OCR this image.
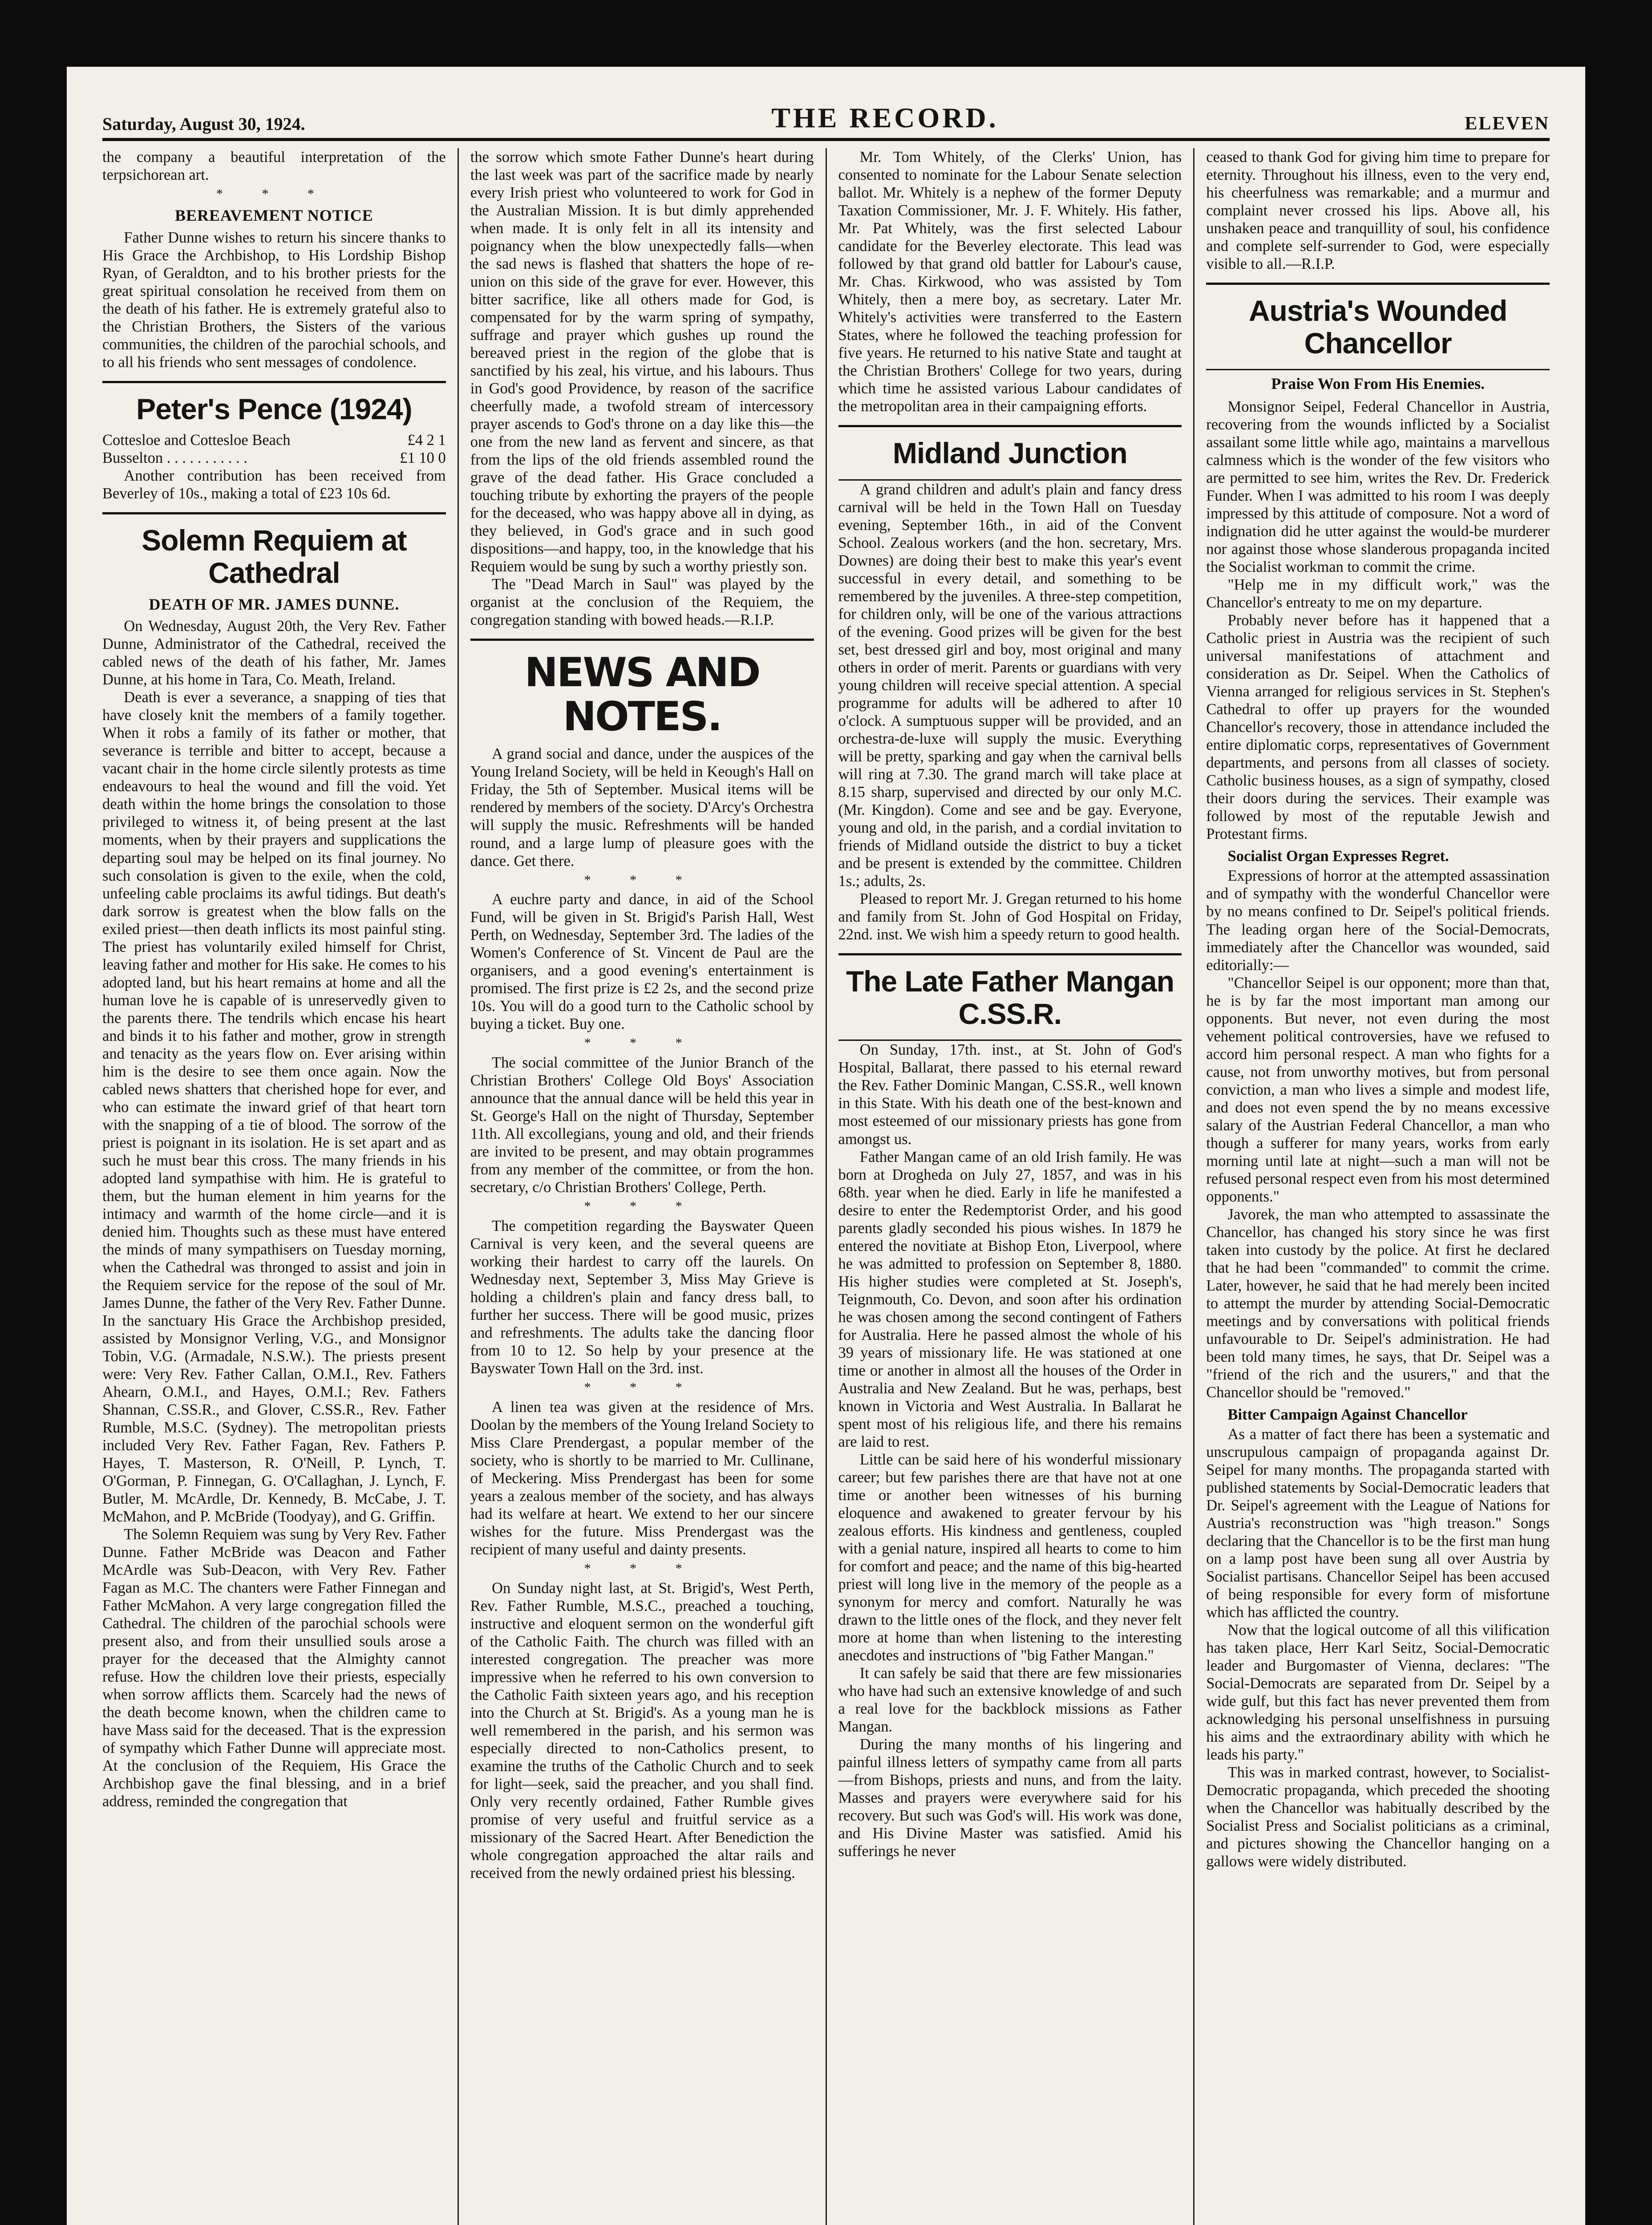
Saturday, August 30, 1924.	THE RECORD.	ELEVEN

the company a beautiful interpretation of the terpsichorean art.

* * *
BEREAVEMENT NOTICE

Father Dunne wishes to return his sincere thanks to His Grace the Archbishop, to His Lordship Bishop Ryan, of Geraldton, and to his brother priests for the great spiritual consolation he received from them on the death of his father. He is extremely grateful also to the Christian Brothers, the Sisters of the various communities, the children of the parochial schools, and to all his friends who sent messages of condolence.

Peter's Pence (1924)
Cottesloe and Cottesloe Beach	£4 2 1
Busselton . . . . . . . . . . .	£1 10 0

Another contribution has been received from Beverley of 10s., making a total of £23 10s 6d.

Solemn Requiem at Cathedral
DEATH OF MR. JAMES DUNNE.

On Wednesday, August 20th, the Very Rev. Father Dunne, Administrator of the Cathedral, received the cabled news of the death of his father, Mr. James Dunne, at his home in Tara, Co. Meath, Ireland.

Death is ever a severance, a snapping of ties that have closely knit the members of a family together. When it robs a family of its father or mother, that severance is terrible and bitter to accept, because a vacant chair in the home circle silently protests as time endeavours to heal the wound and fill the void. Yet death within the home brings the consolation to those privileged to witness it, of being present at the last moments, when by their prayers and supplications the departing soul may be helped on its final journey. No such consolation is given to the exile, when the cold, unfeeling cable proclaims its awful tidings. But death's dark sorrow is greatest when the blow falls on the exiled priest—then death inflicts its most painful sting. The priest has voluntarily exiled himself for Christ, leaving father and mother for His sake. He comes to his adopted land, but his heart remains at home and all the human love he is capable of is unreservedly given to the parents there. The tendrils which encase his heart and binds it to his father and mother, grow in strength and tenacity as the years flow on. Ever arising within him is the desire to see them once again. Now the cabled news shatters that cherished hope for ever, and who can estimate the inward grief of that heart torn with the snapping of a tie of blood. The sorrow of the priest is poignant in its isolation. He is set apart and as such he must bear this cross. The many friends in his adopted land sympathise with him. He is grateful to them, but the human element in him yearns for the intimacy and warmth of the home circle—and it is denied him. Thoughts such as these must have entered the minds of many sympathisers on Tuesday morning, when the Cathedral was thronged to assist and join in the Requiem service for the repose of the soul of Mr. James Dunne, the father of the Very Rev. Father Dunne. In the sanctuary His Grace the Archbishop presided, assisted by Monsignor Verling, V.G., and Monsignor Tobin, V.G. (Armadale, N.S.W.). The priests present were: Very Rev. Father Callan, O.M.I., Rev. Fathers Ahearn, O.M.I., and Hayes, O.M.I.; Rev. Fathers Shannan, C.SS.R., and Glover, C.SS.R., Rev. Father Rumble, M.S.C. (Sydney). The metropolitan priests included Very Rev. Father Fagan, Rev. Fathers P. Hayes, T. Masterson, R. O'Neill, P. Lynch, T. O'Gorman, P. Finnegan, G. O'Callaghan, J. Lynch, F. Butler, M. McArdle, Dr. Kennedy, B. McCabe, J. T. McMahon, and P. McBride (Toodyay), and G. Griffin.

The Solemn Requiem was sung by Very Rev. Father Dunne. Father McBride was Deacon and Father McArdle was Sub-Deacon, with Very Rev. Father Fagan as M.C. The chanters were Father Finnegan and Father McMahon. A very large congregation filled the Cathedral. The children of the parochial schools were present also, and from their unsullied souls arose a prayer for the deceased that the Almighty cannot refuse. How the children love their priests, especially when sorrow afflicts them. Scarcely had the news of the death become known, when the children came to have Mass said for the deceased. That is the expression of sympathy which Father Dunne will appreciate most. At the conclusion of the Requiem, His Grace the Archbishop gave the final blessing, and in a brief address, reminded the congregation that

the sorrow which smote Father Dunne's heart during the last week was part of the sacrifice made by nearly every Irish priest who volunteered to work for God in the Australian Mission. It is but dimly apprehended when made. It is only felt in all its intensity and poignancy when the blow unexpectedly falls—when the sad news is flashed that shatters the hope of re-union on this side of the grave for ever. However, this bitter sacrifice, like all others made for God, is compensated for by the warm spring of sympathy, suffrage and prayer which gushes up round the bereaved priest in the region of the globe that is sanctified by his zeal, his virtue, and his labours. Thus in God's good Providence, by reason of the sacrifice cheerfully made, a twofold stream of intercessory prayer ascends to God's throne on a day like this—the one from the new land as fervent and sincere, as that from the lips of the old friends assembled round the grave of the dead father. His Grace concluded a touching tribute by exhorting the prayers of the people for the deceased, who was happy above all in dying, as they believed, in God's grace and in such good dispositions—and happy, too, in the knowledge that his Requiem would be sung by such a worthy priestly son.

The "Dead March in Saul" was played by the organist at the conclusion of the Requiem, the congregation standing with bowed heads.—R.I.P.

NEWS AND NOTES.

A grand social and dance, under the auspices of the Young Ireland Society, will be held in Keough's Hall on Friday, the 5th of September. Musical items will be rendered by members of the society. D'Arcy's Orchestra will supply the music. Refreshments will be handed round, and a large lump of pleasure goes with the dance. Get there.

* * *

A euchre party and dance, in aid of the School Fund, will be given in St. Brigid's Parish Hall, West Perth, on Wednesday, September 3rd. The ladies of the Women's Conference of St. Vincent de Paul are the organisers, and a good evening's entertainment is promised. The first prize is £2 2s, and the second prize 10s. You will do a good turn to the Catholic school by buying a ticket. Buy one.

* * *

The social committee of the Junior Branch of the Christian Brothers' College Old Boys' Association announce that the annual dance will be held this year in St. George's Hall on the night of Thursday, September 11th. All excollegians, young and old, and their friends are invited to be present, and may obtain programmes from any member of the committee, or from the hon. secretary, c/o Christian Brothers' College, Perth.

* * *

The competition regarding the Bayswater Queen Carnival is very keen, and the several queens are working their hardest to carry off the laurels. On Wednesday next, September 3, Miss May Grieve is holding a children's plain and fancy dress ball, to further her success. There will be good music, prizes and refreshments. The adults take the dancing floor from 10 to 12. So help by your presence at the Bayswater Town Hall on the 3rd. inst.

* * *

A linen tea was given at the residence of Mrs. Doolan by the members of the Young Ireland Society to Miss Clare Prendergast, a popular member of the society, who is shortly to be married to Mr. Cullinane, of Meckering. Miss Prendergast has been for some years a zealous member of the society, and has always had its welfare at heart. We extend to her our sincere wishes for the future. Miss Prendergast was the recipient of many useful and dainty presents.

* * *

On Sunday night last, at St. Brigid's, West Perth, Rev. Father Rumble, M.S.C., preached a touching, instructive and eloquent sermon on the wonderful gift of the Catholic Faith. The church was filled with an interested congregation. The preacher was more impressive when he referred to his own conversion to the Catholic Faith sixteen years ago, and his reception into the Church at St. Brigid's. As a young man he is well remembered in the parish, and his sermon was especially directed to non-Catholics present, to examine the truths of the Catholic Church and to seek for light—seek, said the preacher, and you shall find. Only very recently ordained, Father Rumble gives promise of very useful and fruitful service as a missionary of the Sacred Heart. After Benediction the whole congregation approached the altar rails and received from the newly ordained priest his blessing.

Mr. Tom Whitely, of the Clerks' Union, has consented to nominate for the Labour Senate selection ballot. Mr. Whitely is a nephew of the former Deputy Taxation Commissioner, Mr. J. F. Whitely. His father, Mr. Pat Whitely, was the first selected Labour candidate for the Beverley electorate. This lead was followed by that grand old battler for Labour's cause, Mr. Chas. Kirkwood, who was assisted by Tom Whitely, then a mere boy, as secretary. Later Mr. Whitely's activities were transferred to the Eastern States, where he followed the teaching profession for five years. He returned to his native State and taught at the Christian Brothers' College for two years, during which time he assisted various Labour candidates of the metropolitan area in their campaigning efforts.

Midland Junction

A grand children and adult's plain and fancy dress carnival will be held in the Town Hall on Tuesday evening, September 16th., in aid of the Convent School. Zealous workers (and the hon. secretary, Mrs. Downes) are doing their best to make this year's event successful in every detail, and something to be remembered by the juveniles. A three-step competition, for children only, will be one of the various attractions of the evening. Good prizes will be given for the best set, best dressed girl and boy, most original and many others in order of merit. Parents or guardians with very young children will receive special attention. A special programme for adults will be adhered to after 10 o'clock. A sumptuous supper will be provided, and an orchestra-de-luxe will supply the music. Everything will be pretty, sparking and gay when the carnival bells will ring at 7.30. The grand march will take place at 8.15 sharp, supervised and directed by our only M.C. (Mr. Kingdon). Come and see and be gay. Everyone, young and old, in the parish, and a cordial invitation to friends of Midland outside the district to buy a ticket and be present is extended by the committee. Children 1s.; adults, 2s.

Pleased to report Mr. J. Gregan returned to his home and family from St. John of God Hospital on Friday, 22nd. inst. We wish him a speedy return to good health.

The Late Father Mangan C.SS.R.

On Sunday, 17th. inst., at St. John of God's Hospital, Ballarat, there passed to his eternal reward the Rev. Father Dominic Mangan, C.SS.R., well known in this State. With his death one of the best-known and most esteemed of our missionary priests has gone from amongst us.

Father Mangan came of an old Irish family. He was born at Drogheda on July 27, 1857, and was in his 68th. year when he died. Early in life he manifested a desire to enter the Redemptorist Order, and his good parents gladly seconded his pious wishes. In 1879 he entered the novitiate at Bishop Eton, Liverpool, where he was admitted to profession on September 8, 1880. His higher studies were completed at St. Joseph's, Teignmouth, Co. Devon, and soon after his ordination he was chosen among the second contingent of Fathers for Australia. Here he passed almost the whole of his 39 years of missionary life. He was stationed at one time or another in almost all the houses of the Order in Australia and New Zealand. But he was, perhaps, best known in Victoria and West Australia. In Ballarat he spent most of his religious life, and there his remains are laid to rest.

Little can be said here of his wonderful missionary career; but few parishes there are that have not at one time or another been witnesses of his burning eloquence and awakened to greater fervour by his zealous efforts. His kindness and gentleness, coupled with a genial nature, inspired all hearts to come to him for comfort and peace; and the name of this big-hearted priest will long live in the memory of the people as a synonym for mercy and comfort. Naturally he was drawn to the little ones of the flock, and they never felt more at home than when listening to the interesting anecdotes and instructions of "big Father Mangan."

It can safely be said that there are few missionaries who have had such an extensive knowledge of and such a real love for the backblock missions as Father Mangan.

During the many months of his lingering and painful illness letters of sympathy came from all parts—from Bishops, priests and nuns, and from the laity. Masses and prayers were everywhere said for his recovery. But such was God's will. His work was done, and His Divine Master was satisfied. Amid his sufferings he never

ceased to thank God for giving him time to prepare for eternity. Throughout his illness, even to the very end, his cheerfulness was remarkable; and a murmur and complaint never crossed his lips. Above all, his unshaken peace and tranquillity of soul, his confidence and complete self-surrender to God, were especially visible to all.—R.I.P.

Austria's Wounded Chancellor
Praise Won From His Enemies.

Monsignor Seipel, Federal Chancellor in Austria, recovering from the wounds inflicted by a Socialist assailant some little while ago, maintains a marvellous calmness which is the wonder of the few visitors who are permitted to see him, writes the Rev. Dr. Frederick Funder. When I was admitted to his room I was deeply impressed by this attitude of composure. Not a word of indignation did he utter against the would-be murderer nor against those whose slanderous propaganda incited the Socialist workman to commit the crime.

"Help me in my difficult work," was the Chancellor's entreaty to me on my departure.

Probably never before has it happened that a Catholic priest in Austria was the recipient of such universal manifestations of attachment and consideration as Dr. Seipel. When the Catholics of Vienna arranged for religious services in St. Stephen's Cathedral to offer up prayers for the wounded Chancellor's recovery, those in attendance included the entire diplomatic corps, representatives of Government departments, and persons from all classes of society. Catholic business houses, as a sign of sympathy, closed their doors during the services. Their example was followed by most of the reputable Jewish and Protestant firms.

Socialist Organ Expresses Regret.

Expressions of horror at the attempted assassination and of sympathy with the wonderful Chancellor were by no means confined to Dr. Seipel's political friends. The leading organ here of the Social-Democrats, immediately after the Chancellor was wounded, said editorially:—

"Chancellor Seipel is our opponent; more than that, he is by far the most important man among our opponents. But never, not even during the most vehement political controversies, have we refused to accord him personal respect. A man who fights for a cause, not from unworthy motives, but from personal conviction, a man who lives a simple and modest life, and does not even spend the by no means excessive salary of the Austrian Federal Chancellor, a man who though a sufferer for many years, works from early morning until late at night—such a man will not be refused personal respect even from his most determined opponents."

Javorek, the man who attempted to assassinate the Chancellor, has changed his story since he was first taken into custody by the police. At first he declared that he had been "commanded" to commit the crime. Later, however, he said that he had merely been incited to attempt the murder by attending Social-Democratic meetings and by conversations with political friends unfavourable to Dr. Seipel's administration. He had been told many times, he says, that Dr. Seipel was a "friend of the rich and the usurers," and that the Chancellor should be "removed."

Bitter Campaign Against Chancellor

As a matter of fact there has been a systematic and unscrupulous campaign of propaganda against Dr. Seipel for many months. The propaganda started with published statements by Social-Democratic leaders that Dr. Seipel's agreement with the League of Nations for Austria's reconstruction was "high treason." Songs declaring that the Chancellor is to be the first man hung on a lamp post have been sung all over Austria by Socialist partisans. Chancellor Seipel has been accused of being responsible for every form of misfortune which has afflicted the country.

Now that the logical outcome of all this vilification has taken place, Herr Karl Seitz, Social-Democratic leader and Burgomaster of Vienna, declares: "The Social-Democrats are separated from Dr. Seipel by a wide gulf, but this fact has never prevented them from acknowledging his personal unselfishness in pursuing his aims and the extraordinary ability with which he leads his party."

This was in marked contrast, however, to Socialist-Democratic propaganda, which preceded the shooting when the Chancellor was habitually described by the Socialist Press and Socialist politicians as a criminal, and pictures showing the Chancellor hanging on a gallows were widely distributed.
